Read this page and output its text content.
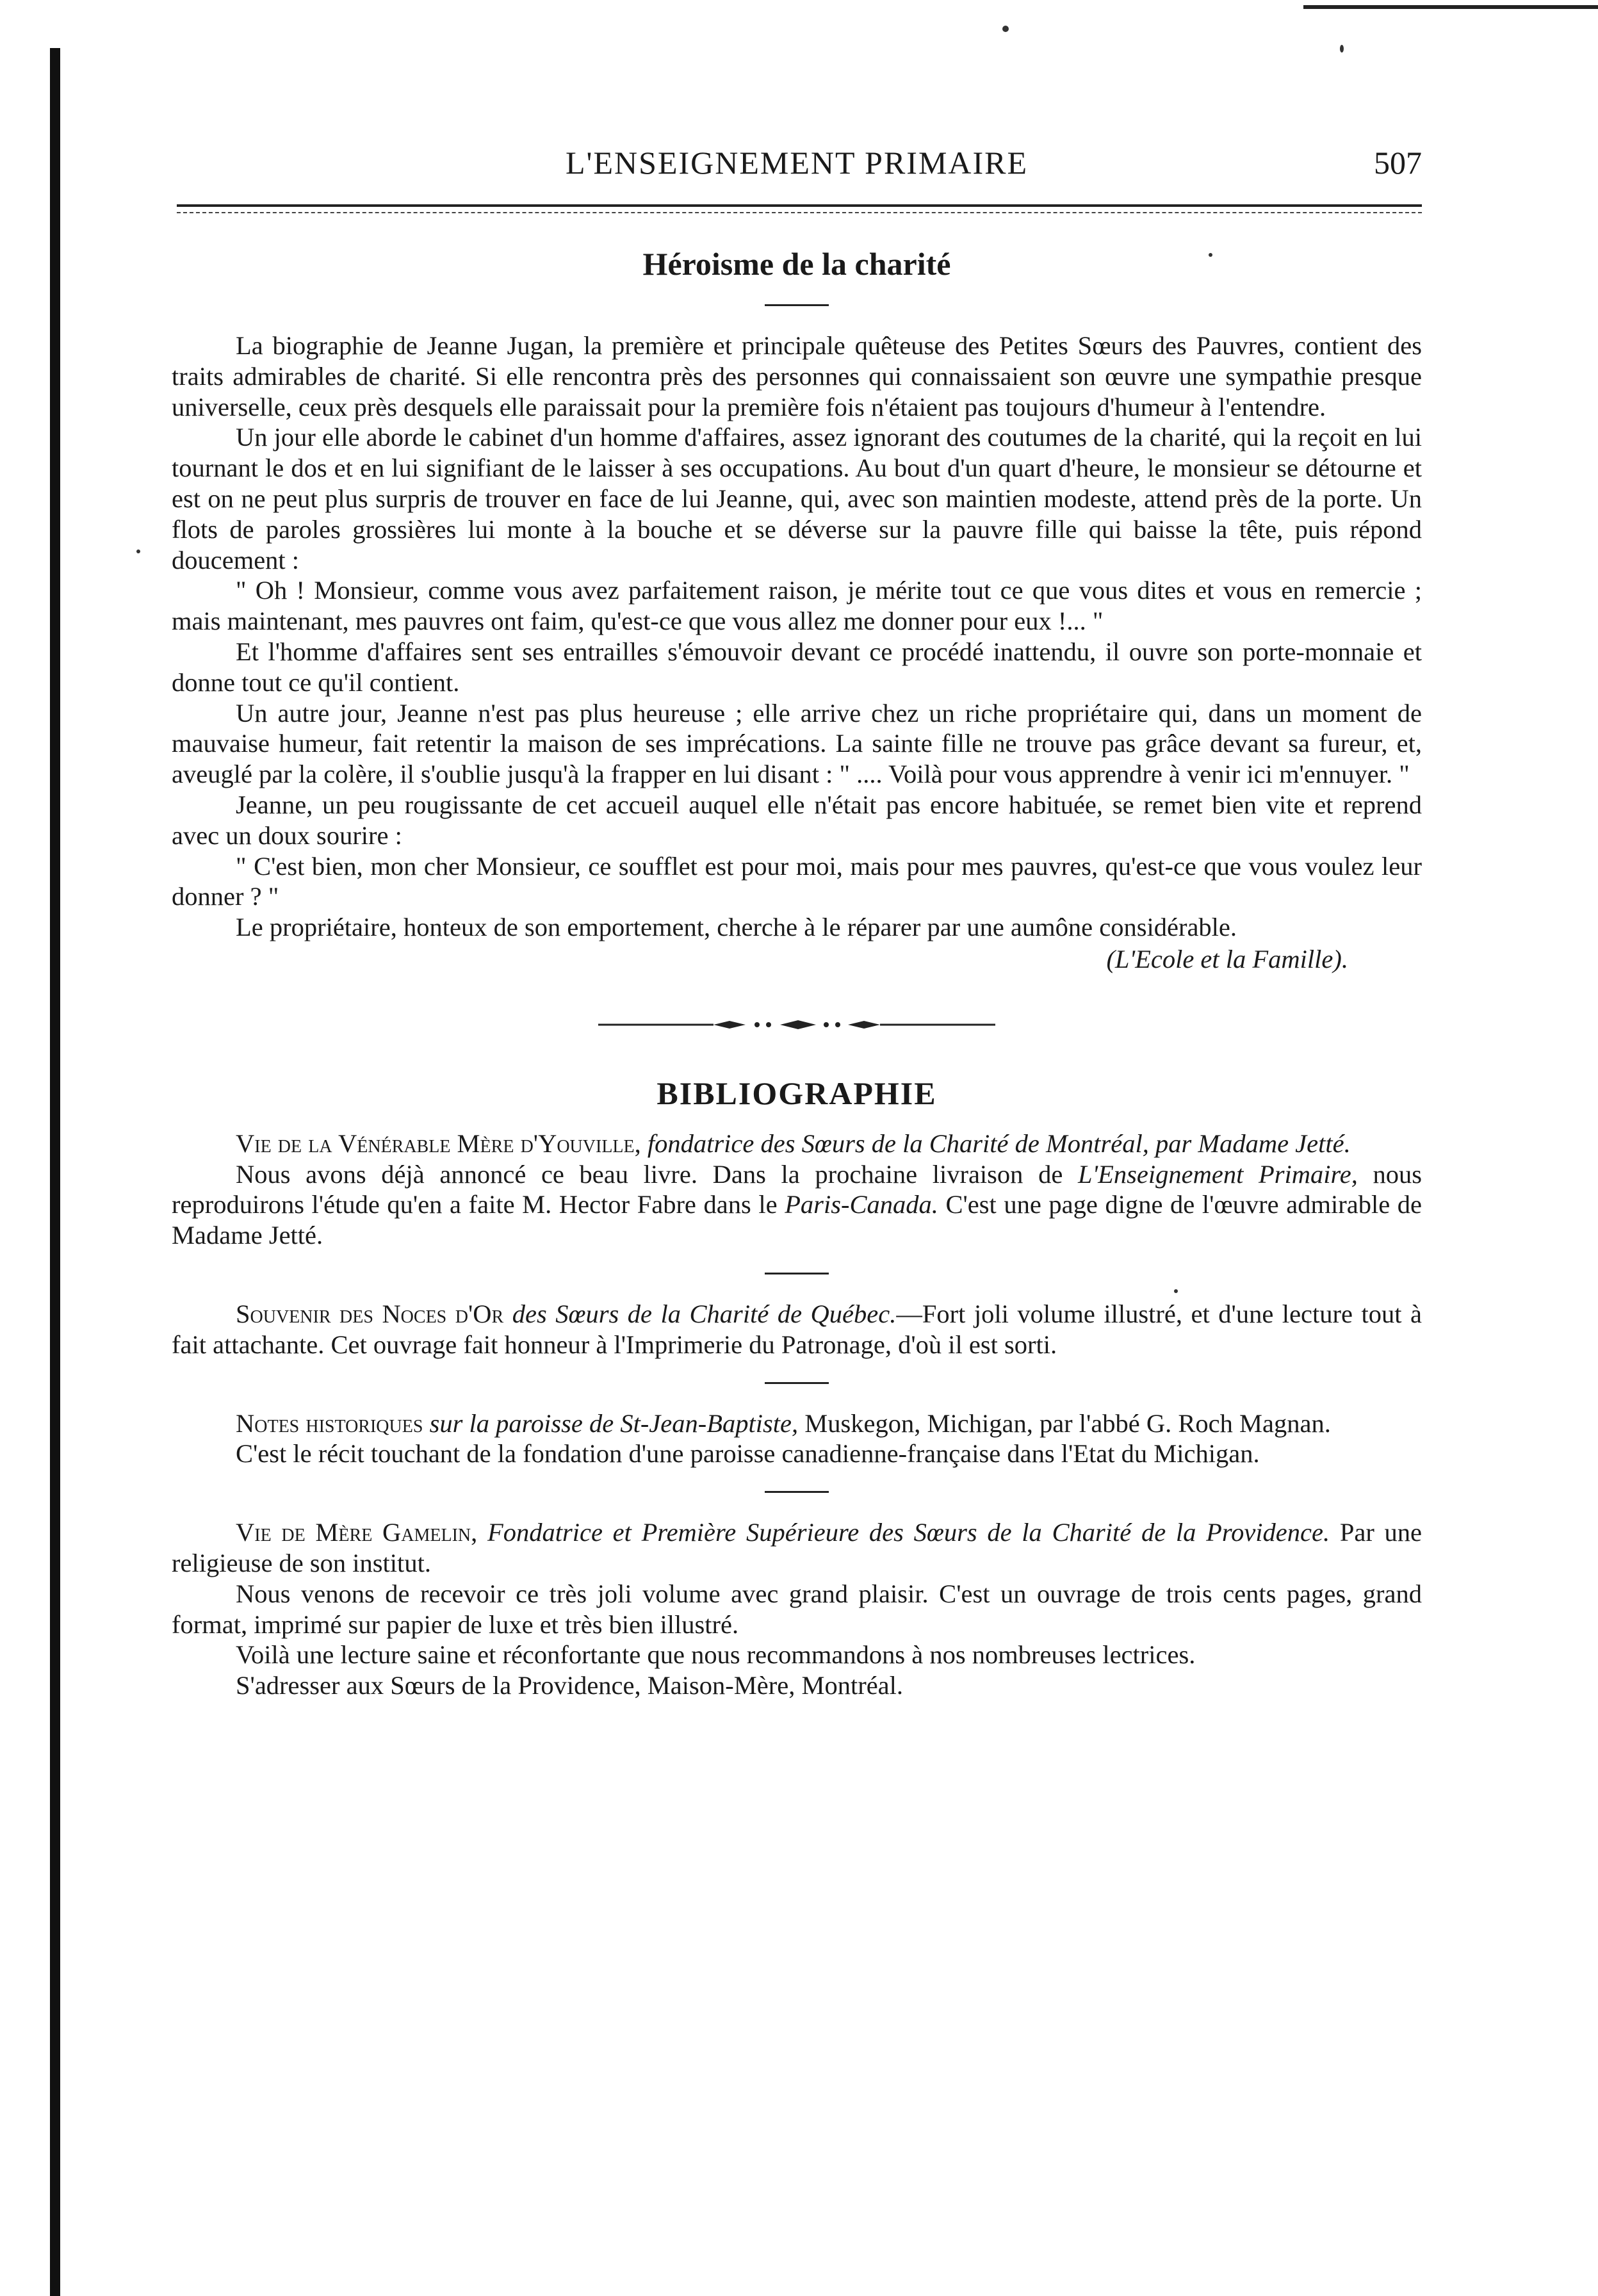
L'ENSEIGNEMENT PRIMAIRE	507
Héroisme de la charité

La biographie de Jeanne Jugan, la première et principale quêteuse des Petites Sœurs des Pauvres, contient des traits admirables de charité. Si elle rencontra près des personnes qui connaissaient son œuvre une sympathie presque universelle, ceux près desquels elle paraissait pour la première fois n'étaient pas toujours d'humeur à l'entendre.

Un jour elle aborde le cabinet d'un homme d'affaires, assez ignorant des coutumes de la charité, qui la reçoit en lui tournant le dos et en lui signifiant de le laisser à ses occupations. Au bout d'un quart d'heure, le monsieur se détourne et est on ne peut plus surpris de trouver en face de lui Jeanne, qui, avec son maintien modeste, attend près de la porte. Un flots de paroles grossières lui monte à la bouche et se déverse sur la pauvre fille qui baisse la tête, puis répond doucement :

" Oh ! Monsieur, comme vous avez parfaitement raison, je mérite tout ce que vous dites et vous en remercie ; mais maintenant, mes pauvres ont faim, qu'est-ce que vous allez me donner pour eux !... "

Et l'homme d'affaires sent ses entrailles s'émouvoir devant ce procédé inattendu, il ouvre son porte-monnaie et donne tout ce qu'il contient.

Un autre jour, Jeanne n'est pas plus heureuse ; elle arrive chez un riche propriétaire qui, dans un moment de mauvaise humeur, fait retentir la maison de ses imprécations. La sainte fille ne trouve pas grâce devant sa fureur, et, aveuglé par la colère, il s'oublie jusqu'à la frapper en lui disant : " .... Voilà pour vous apprendre à venir ici m'ennuyer. "

Jeanne, un peu rougissante de cet accueil auquel elle n'était pas encore habituée, se remet bien vite et reprend avec un doux sourire :

" C'est bien, mon cher Monsieur, ce soufflet est pour moi, mais pour mes pauvres, qu'est-ce que vous voulez leur donner ? "

Le propriétaire, honteux de son emportement, cherche à le réparer par une aumône considérable.

(L'Ecole et la Famille).
BIBLIOGRAPHIE

Vie de la Vénérable Mère d'Youville, fondatrice des Sœurs de la Charité de Montréal, par Madame Jetté.

Nous avons déjà annoncé ce beau livre. Dans la prochaine livraison de L'Enseignement Primaire, nous reproduirons l'étude qu'en a faite M. Hector Fabre dans le Paris-Canada. C'est une page digne de l'œuvre admirable de Madame Jetté.

Souvenir des Noces d'Or des Sœurs de la Charité de Québec.—Fort joli volume illustré, et d'une lecture tout à fait attachante. Cet ouvrage fait honneur à l'Imprimerie du Patronage, d'où il est sorti.

Notes historiques sur la paroisse de St-Jean-Baptiste, Muskegon, Michigan, par l'abbé G. Roch Magnan.

C'est le récit touchant de la fondation d'une paroisse canadienne-française dans l'Etat du Michigan.

Vie de Mère Gamelin, Fondatrice et Première Supérieure des Sœurs de la Charité de la Providence. Par une religieuse de son institut.

Nous venons de recevoir ce très joli volume avec grand plaisir. C'est un ouvrage de trois cents pages, grand format, imprimé sur papier de luxe et très bien illustré.

Voilà une lecture saine et réconfortante que nous recommandons à nos nombreuses lectrices.

S'adresser aux Sœurs de la Providence, Maison-Mère, Montréal.
